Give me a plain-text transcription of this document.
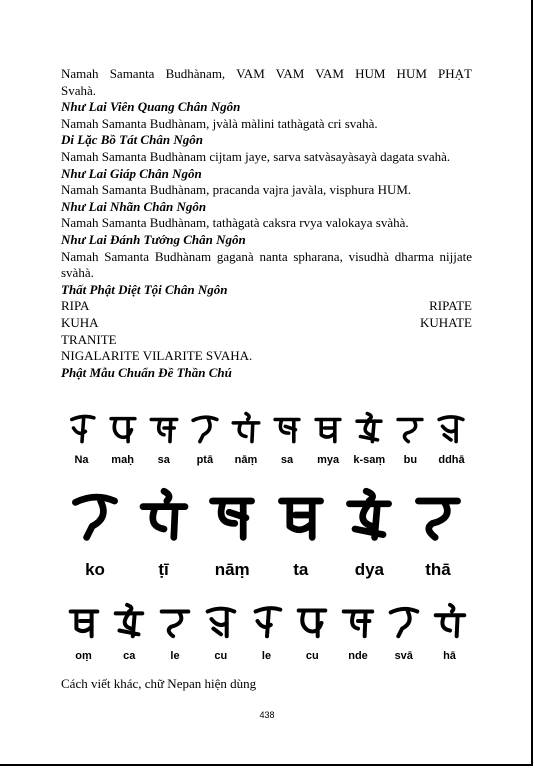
Namah Samanta Budhànam, VAM VAM VAM HUM HUM PHẠT

Svahà.

Như Lai Viên Quang Chân Ngôn

Namah Samanta Budhànam, jvàlà màlini tathàgatà cri svahà.

Di Lặc Bồ Tát Chân Ngôn

Namah Samanta Budhànam cijtam jaye, sarva satvàsayàsayà dagata svahà.

Như Lai Giáp Chân Ngôn

Namah Samanta Budhànam, pracanda vajra javàla, visphura HUM.

Như Lai Nhãn Chân Ngôn

Namah Samanta Budhànam, tathàgatà caksra rvya valokaya svàhà.

Như Lai Đánh Tướng Chân Ngôn

Namah Samanta Budhànam gaganà nanta spharana, visudhà dharma nijjate

svàhà.

Thất Phật Diệt Tội Chân Ngôn

RIPA	RIPATE
KUHA	KUHATE

TRANITE

NIGALARITE VILARITE SVAHA.

Phật Mẫu Chuẩn Đề Thần Chú

Na	maḥ	sa	ptā	nāṃ	sa	mya	k-saṃ	bu	ddhā
ko	ṭī	nāṃ	ta	dya	thā
oṃ	ca	le	cu	le	cu	nde	svā	hā
Cách viết khác, chữ Nepan hiện dùng
438
